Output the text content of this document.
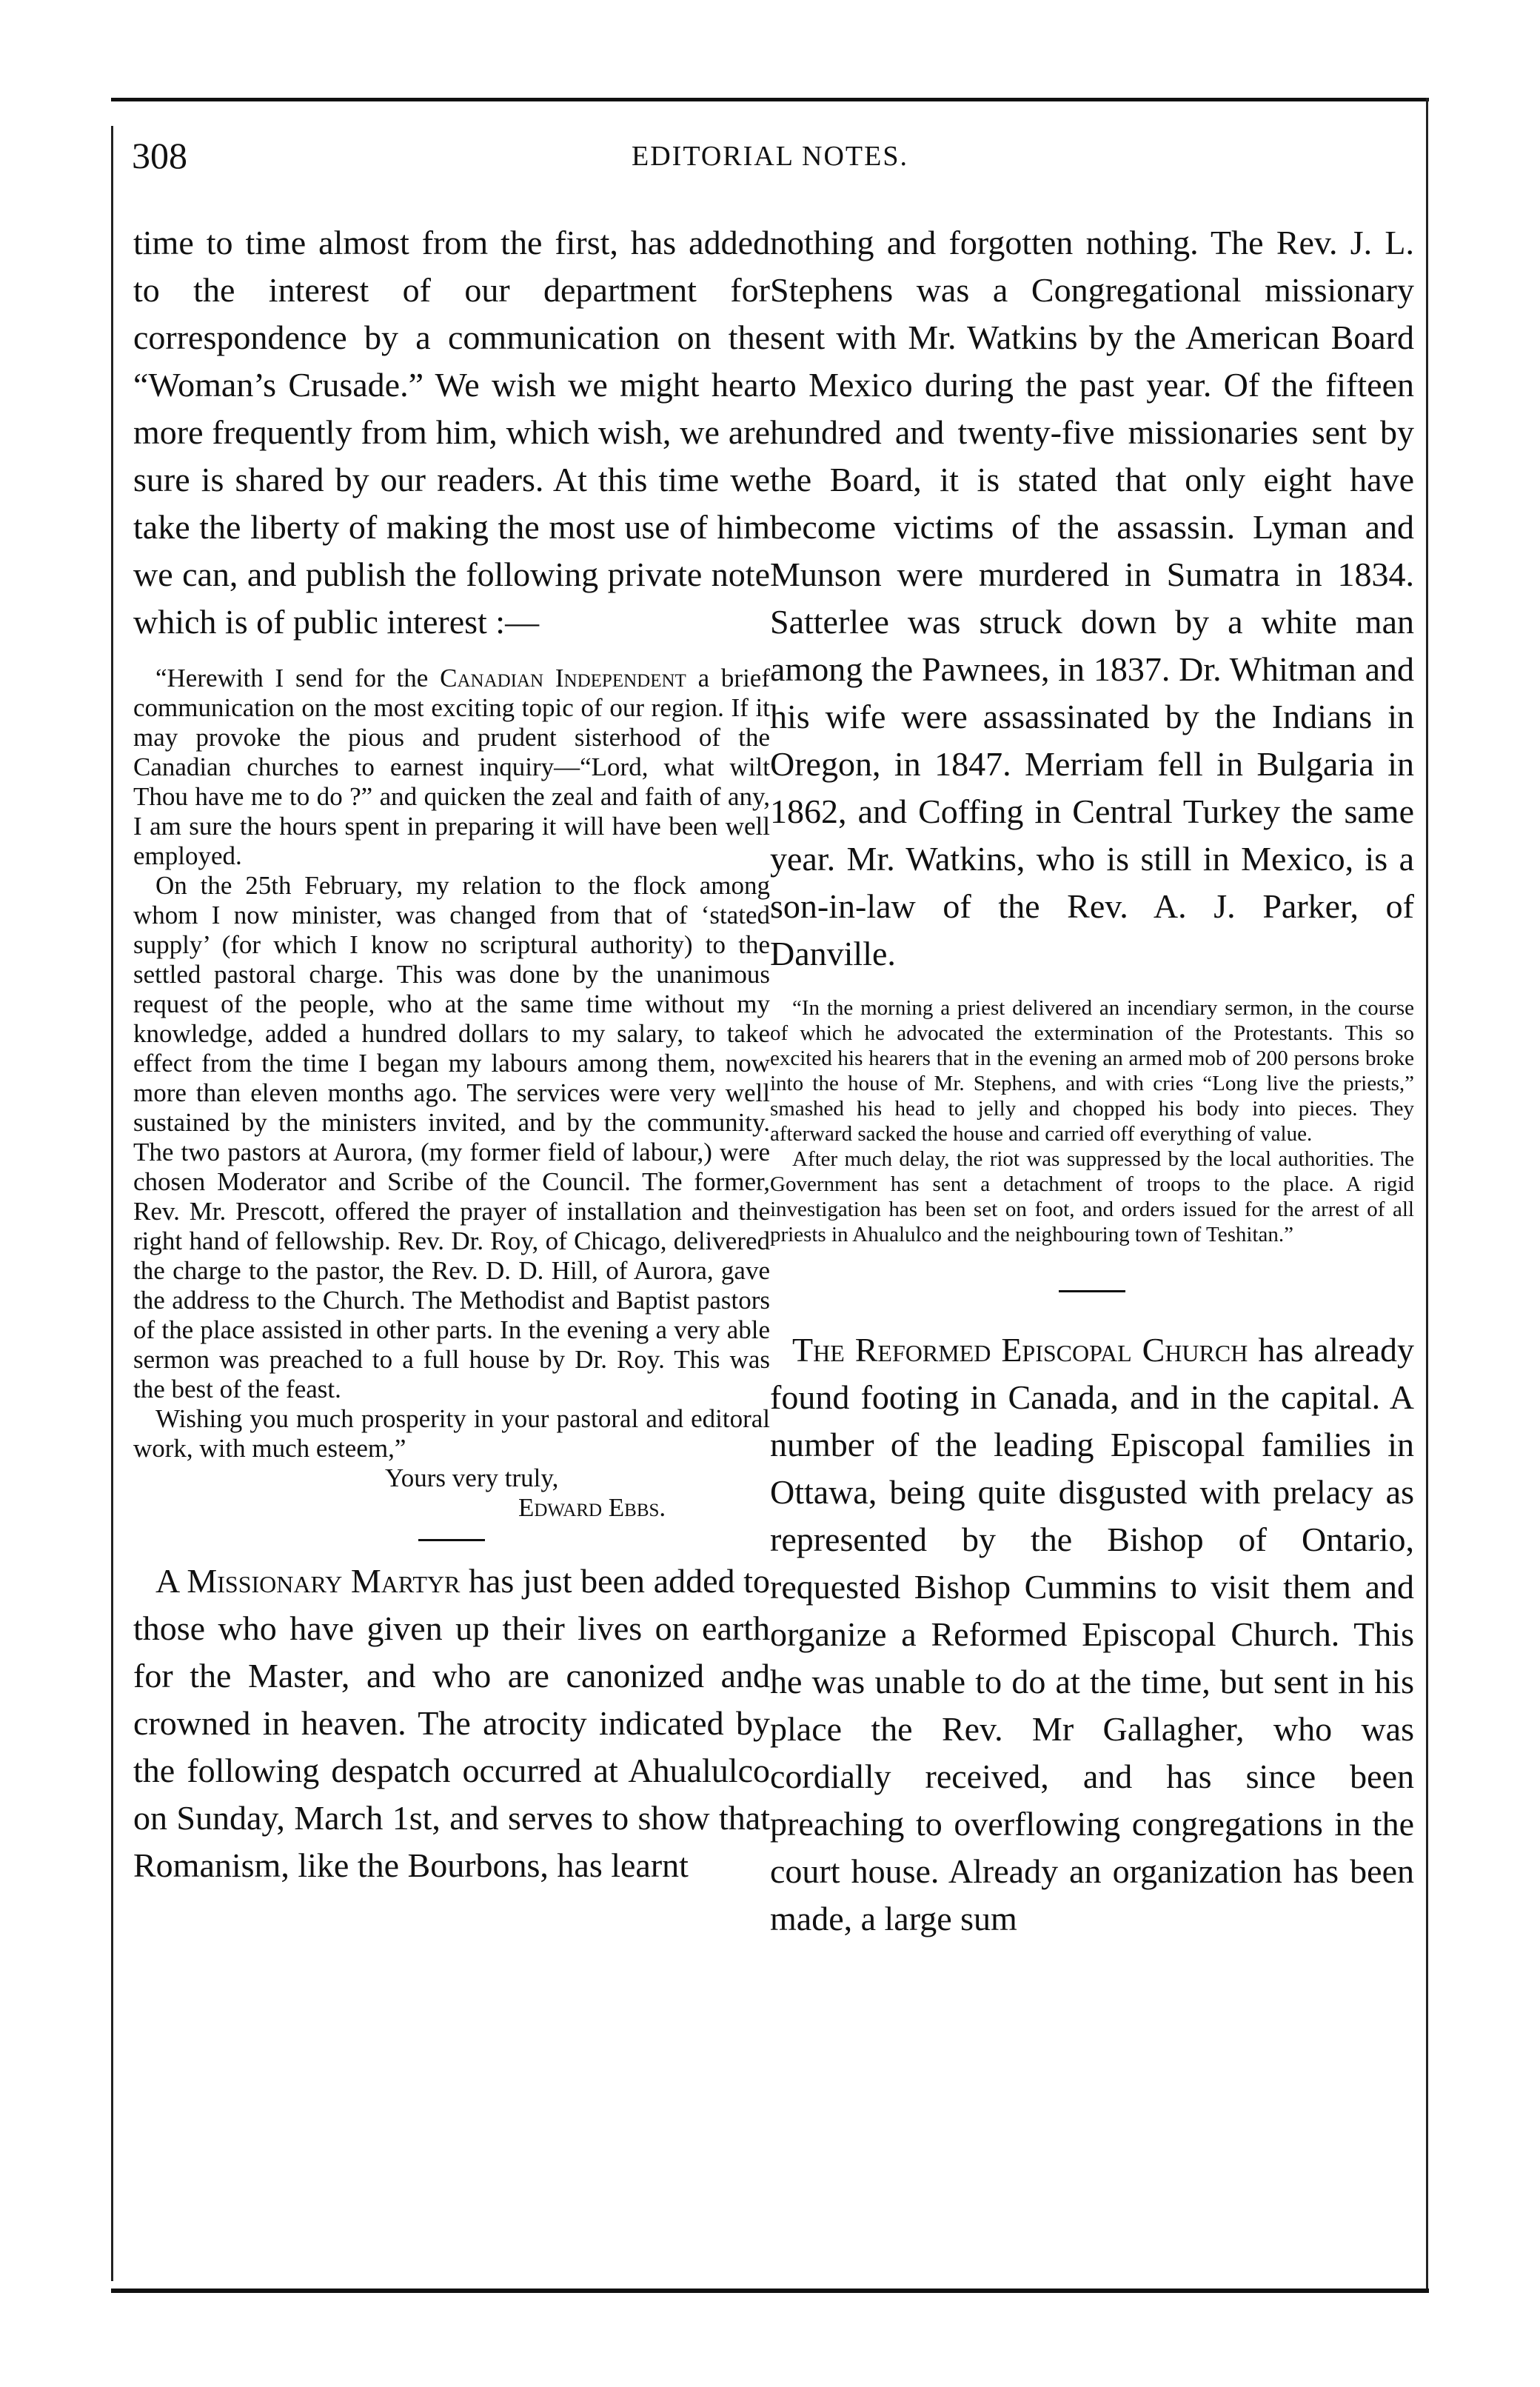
308	EDITORIAL NOTES.

time to time almost from the first, has added to the interest of our department for correspondence by a communication on the “Woman’s Crusade.” We wish we might hear more frequently from him, which wish, we are sure is shared by our readers. At this time we take the liberty of making the most use of him we can, and publish the following private note which is of public interest :—

“Herewith I send for the Canadian Independent a brief communication on the most exciting topic of our region. If it may provoke the pious and prudent sisterhood of the Canadian churches to earnest inquiry—“Lord, what wilt Thou have me to do ?” and quicken the zeal and faith of any, I am sure the hours spent in preparing it will have been well employed.

On the 25th February, my relation to the flock among whom I now minister, was changed from that of ‘stated supply’ (for which I know no scriptural authority) to the settled pastoral charge. This was done by the unanimous request of the people, who at the same time without my knowledge, added a hundred dollars to my salary, to take effect from the time I began my labours among them, now more than eleven months ago. The services were very well sustained by the ministers invited, and by the community. The two pastors at Aurora, (my former field of labour,) were chosen Moderator and Scribe of the Council. The former, Rev. Mr. Prescott, offered the prayer of installation and the right hand of fellowship. Rev. Dr. Roy, of Chicago, delivered the charge to the pastor, the Rev. D. D. Hill, of Aurora, gave the address to the Church. The Methodist and Baptist pastors of the place assisted in other parts. In the evening a very able sermon was preached to a full house by Dr. Roy. This was the best of the feast.

Wishing you much prosperity in your pastoral and editoral work, with much esteem,”

Yours very truly,

Edward Ebbs.

A Missionary Martyr has just been added to those who have given up their lives on earth for the Master, and who are canonized and crowned in heaven. The atrocity indicated by the following despatch occurred at Ahualulco on Sunday, March 1st, and serves to show that Romanism, like the Bourbons, has learnt

nothing and forgotten nothing. The Rev. J. L. Stephens was a Congregational missionary sent with Mr. Watkins by the American Board to Mexico during the past year. Of the fifteen hundred and twenty-five missionaries sent by the Board, it is stated that only eight have become victims of the assassin. Lyman and Munson were murdered in Sumatra in 1834. Satterlee was struck down by a white man among the Pawnees, in 1837. Dr. Whitman and his wife were assassinated by the Indians in Oregon, in 1847. Merriam fell in Bulgaria in 1862, and Coffing in Central Turkey the same year. Mr. Watkins, who is still in Mexico, is a son-in-law of the Rev. A. J. Parker, of Danville.

“In the morning a priest delivered an incendiary sermon, in the course of which he advocated the extermination of the Protestants. This so excited his hearers that in the evening an armed mob of 200 persons broke into the house of Mr. Stephens, and with cries “Long live the priests,” smashed his head to jelly and chopped his body into pieces. They afterward sacked the house and carried off everything of value.

After much delay, the riot was suppressed by the local authorities. The Government has sent a detachment of troops to the place. A rigid investigation has been set on foot, and orders issued for the arrest of all priests in Ahualulco and the neighbouring town of Teshitan.”

The Reformed Episcopal Church has already found footing in Canada, and in the capital. A number of the leading Episcopal families in Ottawa, being quite disgusted with prelacy as represented by the Bishop of Ontario, requested Bishop Cummins to visit them and organize a Reformed Episcopal Church. This he was unable to do at the time, but sent in his place the Rev. Mr Gallagher, who was cordially received, and has since been preaching to overflowing congregations in the court house. Already an organization has been made, a large sum
